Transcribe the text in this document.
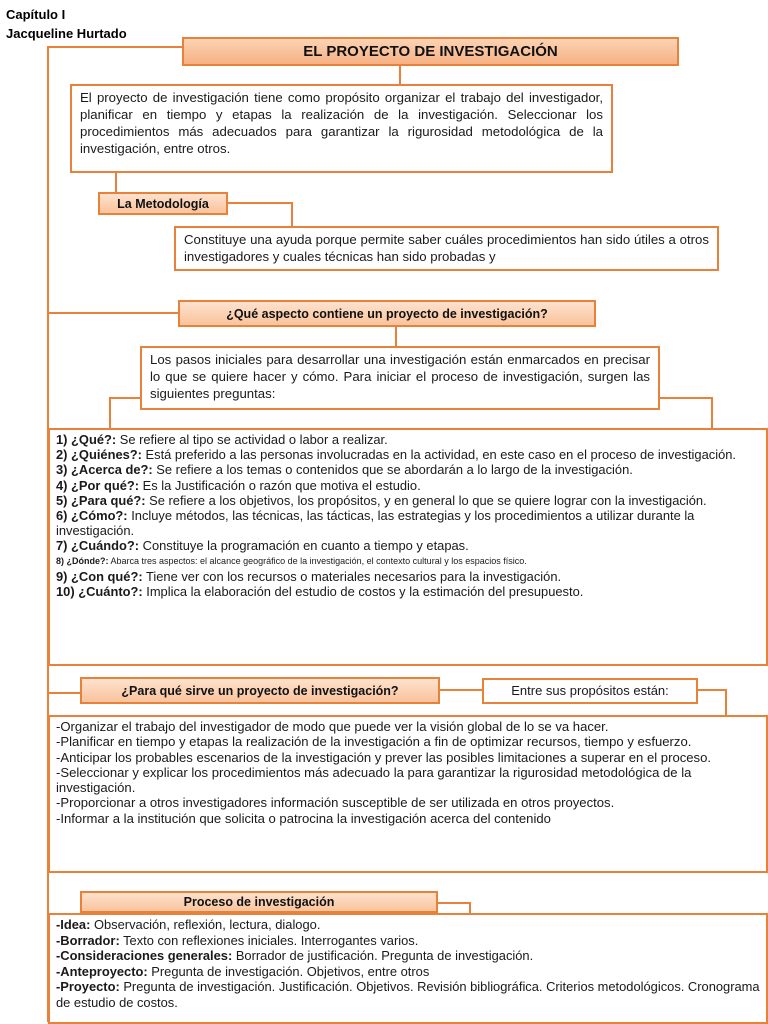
Capítulo I
Jacqueline Hurtado
EL PROYECTO DE INVESTIGACIÓN
El proyecto de investigación tiene como propósito organizar el trabajo del investigador, planificar en tiempo y etapas la realización de la investigación. Seleccionar los procedimientos más adecuados para garantizar la rigurosidad metodológica de la investigación, entre otros.
La Metodología
Constituye una ayuda porque permite saber cuáles procedimientos han sido útiles a otros investigadores y cuales técnicas han sido probadas y
¿Qué aspecto contiene un proyecto de investigación?
Los pasos iniciales para desarrollar una investigación están enmarcados en precisar lo que se quiere hacer y cómo. Para iniciar el proceso de investigación, surgen las siguientes preguntas:
1) ¿Qué?: Se refiere al tipo se actividad o labor a realizar.
2) ¿Quiénes?: Está preferido a las personas involucradas en la actividad, en este caso en el proceso de investigación.
3) ¿Acerca de?: Se refiere a los temas o contenidos que se abordarán a lo largo de la investigación.
4) ¿Por qué?: Es la Justificación o razón que motiva el estudio.
5) ¿Para qué?: Se refiere a los objetivos, los propósitos, y en general lo que se quiere lograr con la investigación.
6) ¿Cómo?: Incluye métodos, las técnicas, las tácticas, las estrategias y los procedimientos a utilizar durante la investigación.
7) ¿Cuándo?: Constituye la programación en cuanto a tiempo y etapas.
8) ¿Dónde?: Abarca tres aspectos: el alcance geográfico de la investigación, el contexto cultural y los espacios físico.
9) ¿Con qué?: Tiene ver con los recursos o materiales necesarios para la investigación.
10) ¿Cuánto?: Implica la elaboración del estudio de costos y la estimación del presupuesto.
¿Para qué sirve un proyecto de investigación?	Entre sus propósitos están:
-Organizar el trabajo del investigador de modo que puede ver la visión global de lo se va hacer.
-Planificar en tiempo y etapas la realización de la investigación a fin de optimizar recursos, tiempo y esfuerzo.
-Anticipar los probables escenarios de la investigación y prever las posibles limitaciones a superar en el proceso.
-Seleccionar y explicar los procedimientos más adecuado la para garantizar la rigurosidad metodológica de la investigación.
-Proporcionar a otros investigadores información susceptible de ser utilizada en otros proyectos.
-Informar a la institución que solicita o patrocina la investigación acerca del contenido
Proceso de investigación
-Idea: Observación, reflexión, lectura, dialogo.
-Borrador: Texto con reflexiones iniciales. Interrogantes varios.
-Consideraciones generales: Borrador de justificación. Pregunta de investigación.
-Anteproyecto: Pregunta de investigación. Objetivos, entre otros
-Proyecto: Pregunta de investigación. Justificación. Objetivos. Revisión bibliográfica. Criterios metodológicos. Cronograma de estudio de costos.
